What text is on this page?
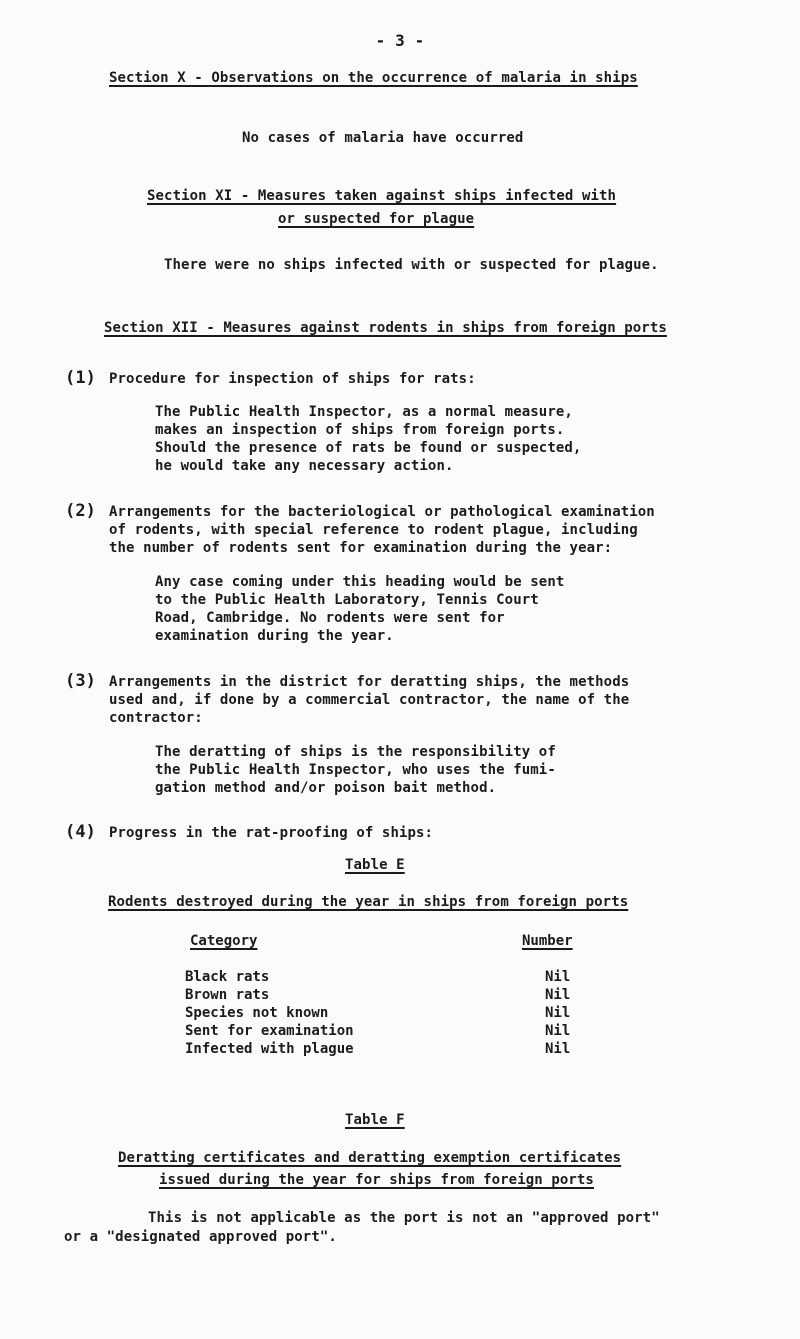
- 3 -
Section X - Observations on the occurrence of malaria in ships
No cases of malaria have occurred
Section XI - Measures taken against ships infected with
or suspected for plague
There were no ships infected with or suspected for plague.
Section XII - Measures against rodents in ships from foreign ports
(1) Procedure for inspection of ships for rats:
The Public Health Inspector, as a normal measure,
makes an inspection of ships from foreign ports.
Should the presence of rats be found or suspected,
he would take any necessary action.
(2) Arrangements for the bacteriological or pathological examination
of rodents, with special reference to rodent plague, including
the number of rodents sent for examination during the year:
Any case coming under this heading would be sent
to the Public Health Laboratory, Tennis Court
Road, Cambridge. No rodents were sent for
examination during the year.
(3) Arrangements in the district for deratting ships, the methods
used and, if done by a commercial contractor, the name of the
contractor:
The deratting of ships is the responsibility of
the Public Health Inspector, who uses the fumi-
gation method and/or poison bait method.
(4) Progress in the rat-proofing of ships:
Table E
Rodents destroyed during the year in ships from foreign ports
Category	Number
Black rats	Nil
Brown rats	Nil
Species not known	Nil
Sent for examination	Nil
Infected with plague	Nil
Table F
Deratting certificates and deratting exemption certificates
issued during the year for ships from foreign ports
This is not applicable as the port is not an "approved port"
or a "designated approved port".
